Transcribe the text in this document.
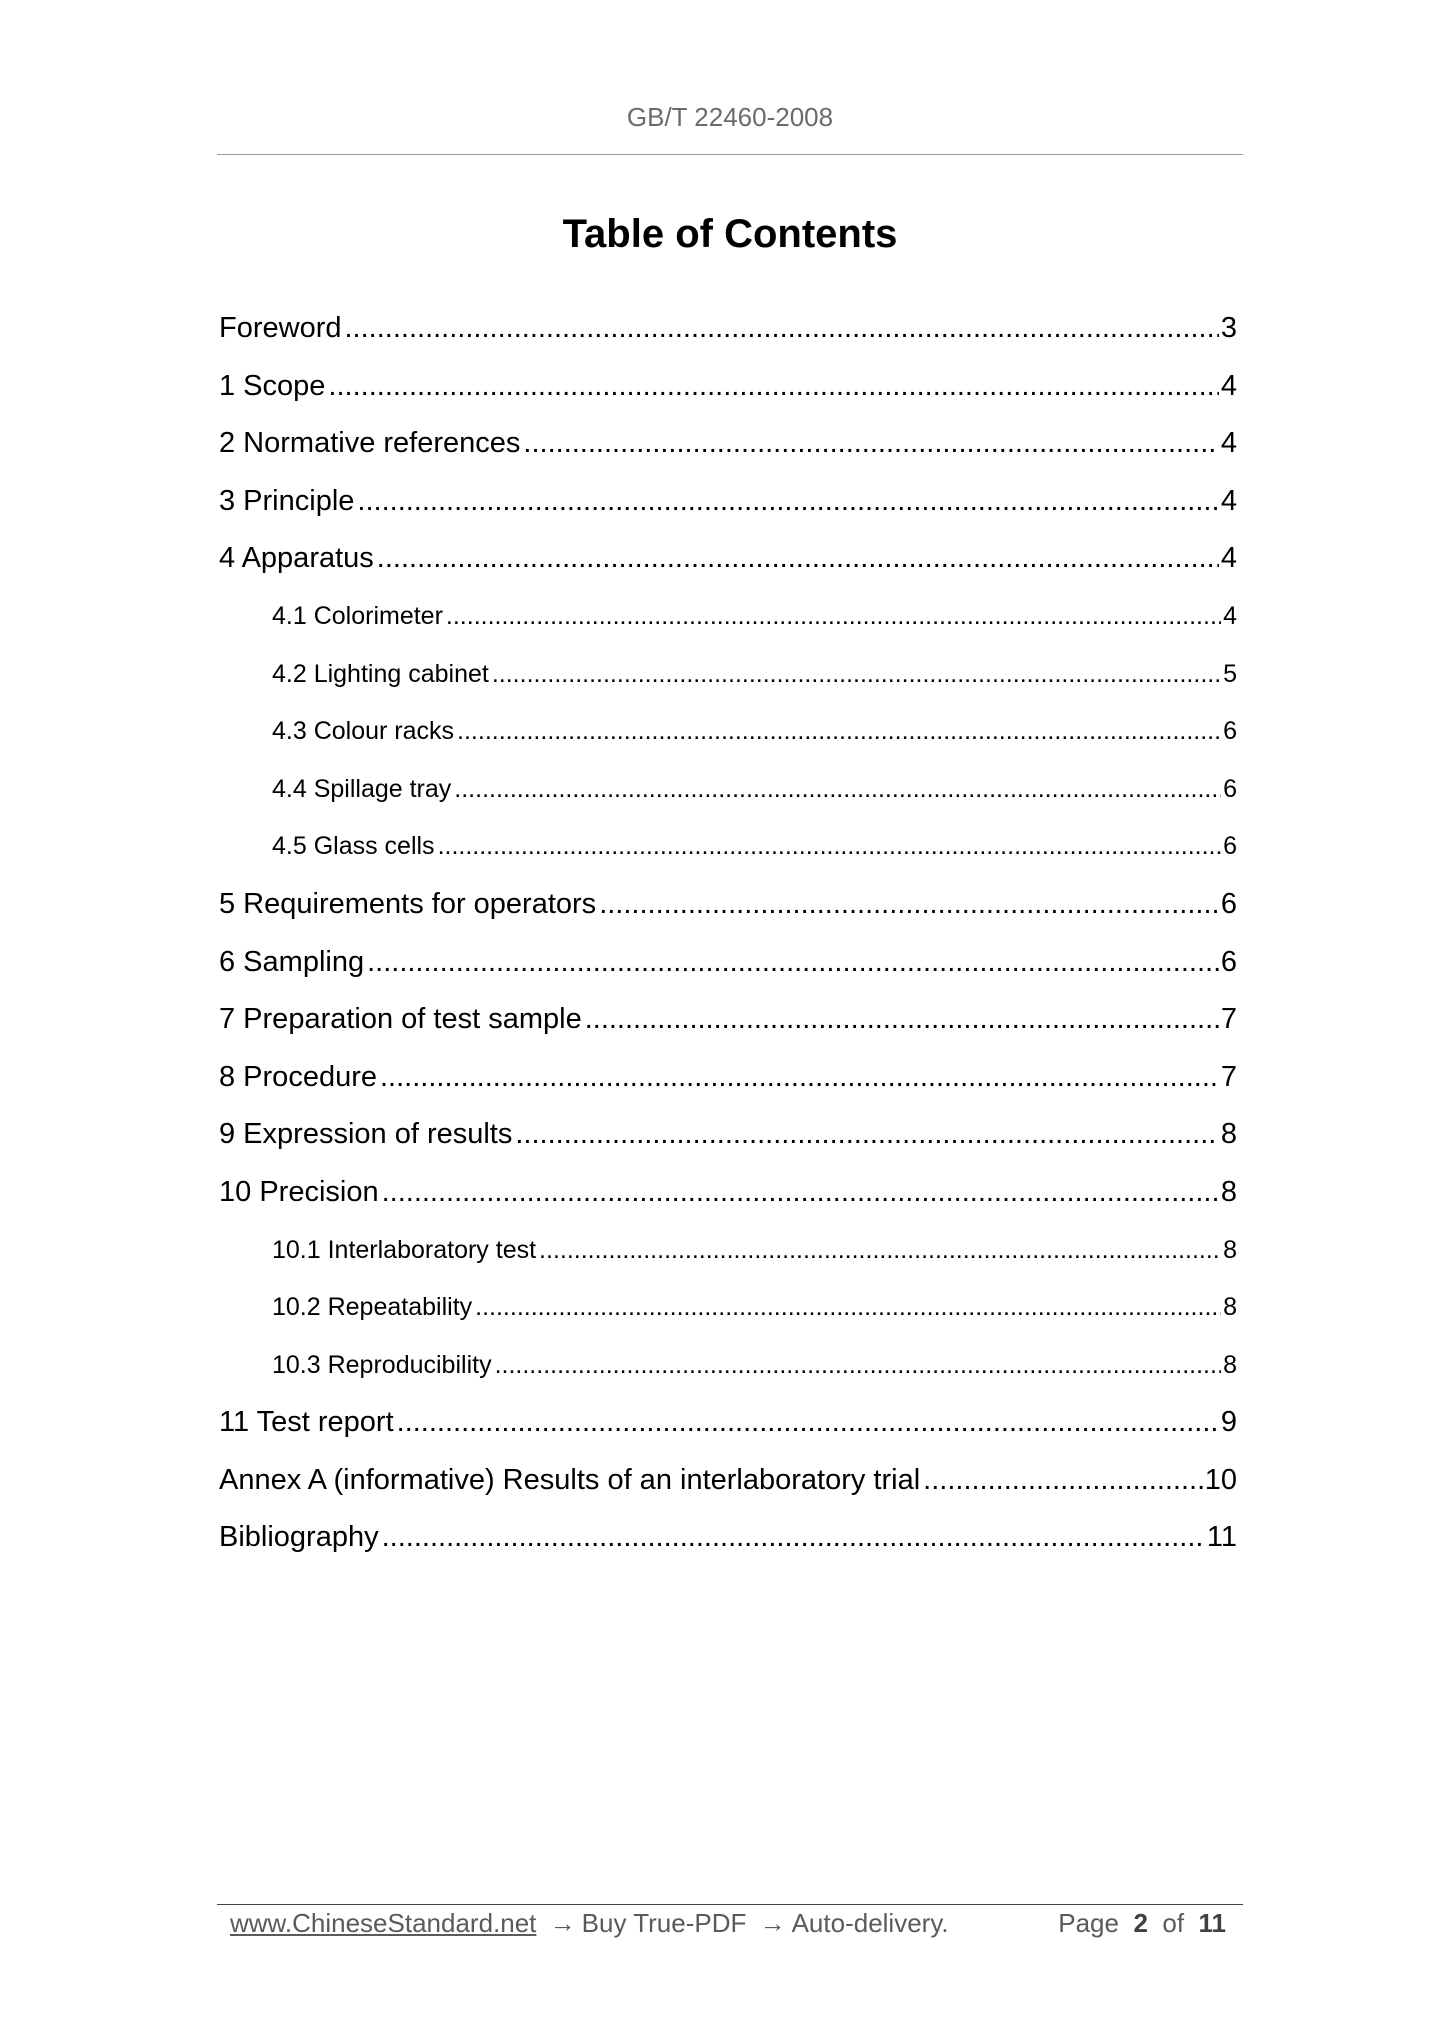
GB/T 22460-2008
Table of Contents
Foreword .....	3
1 Scope .....	4
2 Normative references .....	4
3 Principle .....	4
4 Apparatus .....	4
4.1 Colorimeter .....	4
4.2 Lighting cabinet .....	5
4.3 Colour racks .....	6
4.4 Spillage tray .....	6
4.5 Glass cells .....	6
5 Requirements for operators .....	6
6 Sampling .....	6
7 Preparation of test sample .....	7
8 Procedure .....	7
9 Expression of results .....	8
10 Precision .....	8
10.1 Interlaboratory test .....	8
10.2 Repeatability .....	8
10.3 Reproducibility .....	8
11 Test report .....	9
Annex A (informative) Results of an interlaboratory trial .....	10
Bibliography .....	11
www.ChineseStandard.net → Buy True-PDF → Auto-delivery.	Page 2 of 11
